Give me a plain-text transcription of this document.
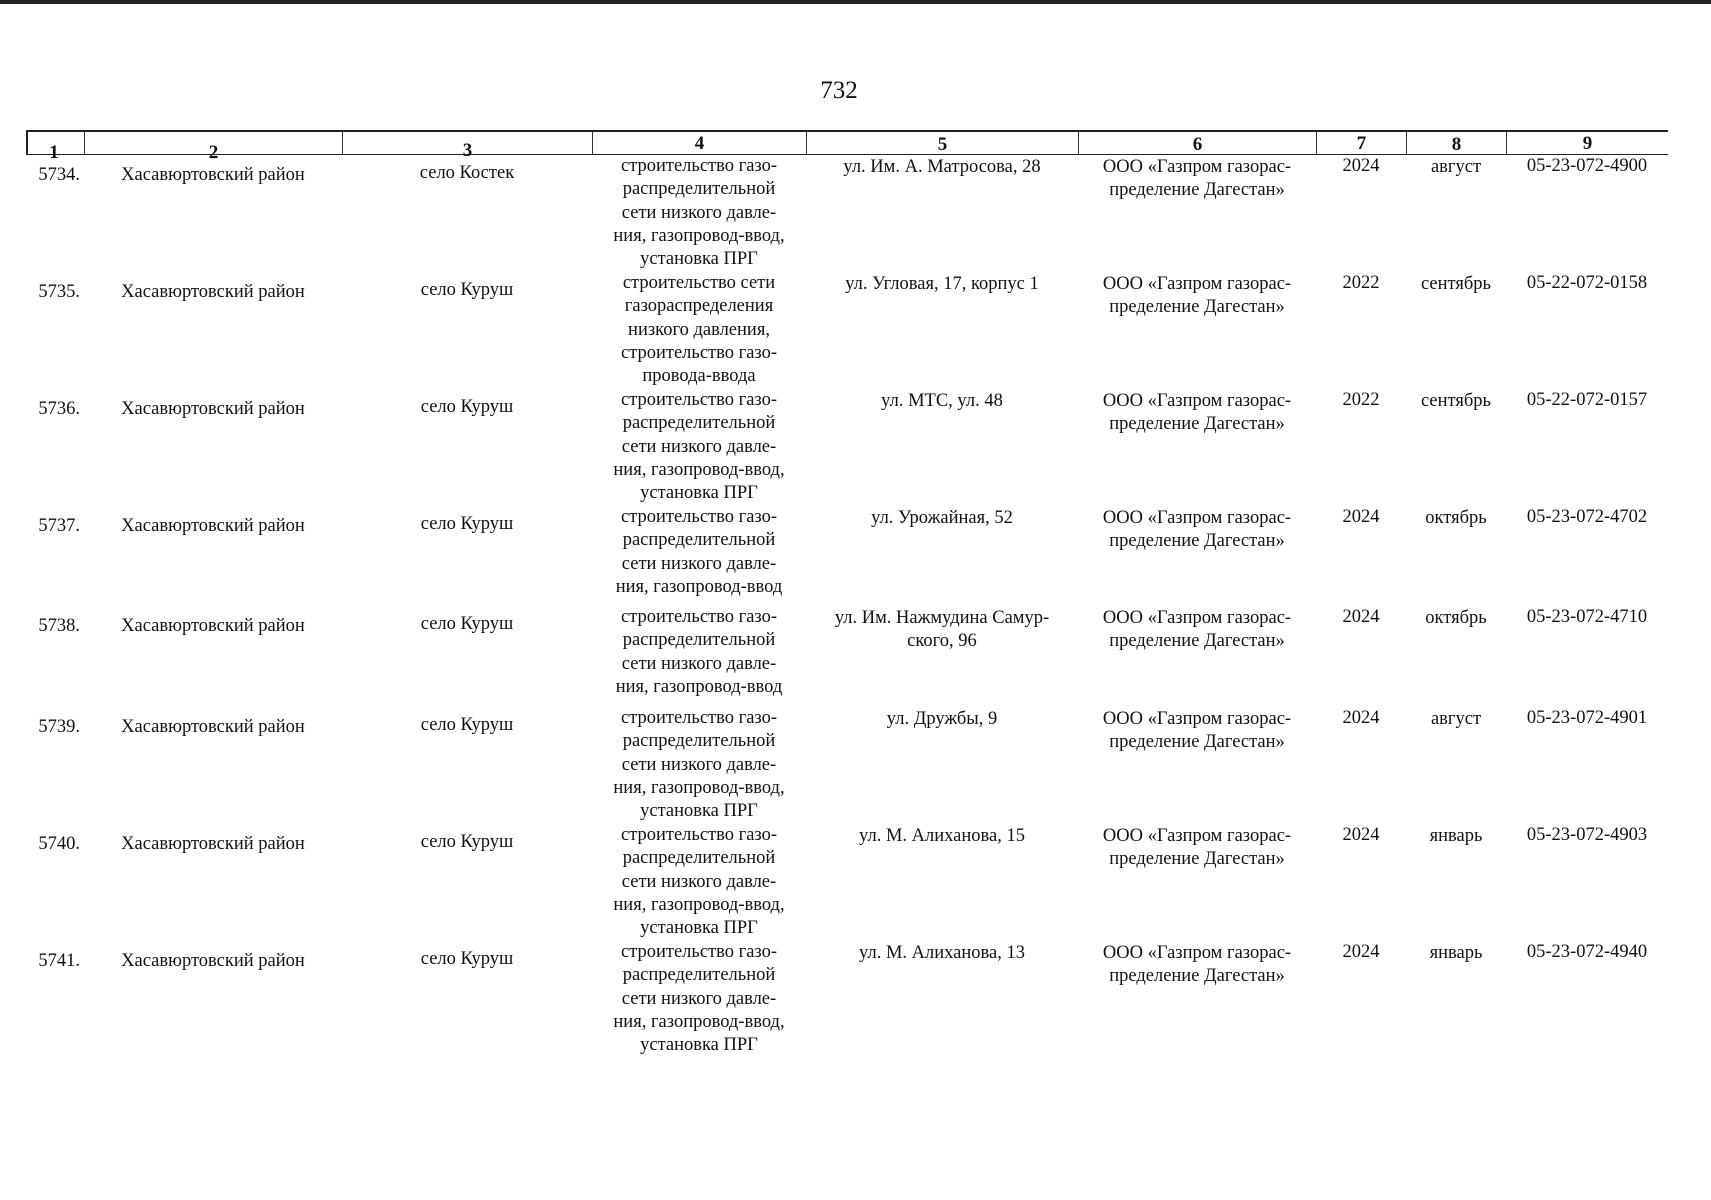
732
1	2	3	4	5	6	7	8	9
5734.	Хасавюртовский район	село Костек	строительство газо-
распределительной
сети низкого давле-
ния, газопровод-ввод,
установка ПРГ
ул. Им. А. Матросова, 28	ООО «Газпром газорас-
пределение Дагестан»
2024	август	05-23-072-4900
5735.	Хасавюртовский район	село Куруш	строительство сети
газораспределения
низкого давления,
строительство газо-
провода-ввода
ул. Угловая, 17, корпус 1	ООО «Газпром газорас-
пределение Дагестан»
2022	сентябрь	05-22-072-0158
5736.	Хасавюртовский район	село Куруш	строительство газо-
распределительной
сети низкого давле-
ния, газопровод-ввод,
установка ПРГ
ул. МТС, ул. 48	ООО «Газпром газорас-
пределение Дагестан»
2022	сентябрь	05-22-072-0157
5737.	Хасавюртовский район	село Куруш	строительство газо-
распределительной
сети низкого давле-
ния, газопровод-ввод
ул. Урожайная, 52	ООО «Газпром газорас-
пределение Дагестан»
2024	октябрь	05-23-072-4702
5738.	Хасавюртовский район	село Куруш	строительство газо-
распределительной
сети низкого давле-
ния, газопровод-ввод
ул. Им. Нажмудина Самур-
ского, 96
ООО «Газпром газорас-
пределение Дагестан»
2024	октябрь	05-23-072-4710
5739.	Хасавюртовский район	село Куруш	строительство газо-
распределительной
сети низкого давле-
ния, газопровод-ввод,
установка ПРГ
ул. Дружбы, 9	ООО «Газпром газорас-
пределение Дагестан»
2024	август	05-23-072-4901
5740.	Хасавюртовский район	село Куруш	строительство газо-
распределительной
сети низкого давле-
ния, газопровод-ввод,
установка ПРГ
ул. М. Алиханова, 15	ООО «Газпром газорас-
пределение Дагестан»
2024	январь	05-23-072-4903
5741.	Хасавюртовский район	село Куруш	строительство газо-
распределительной
сети низкого давле-
ния, газопровод-ввод,
установка ПРГ
ул. М. Алиханова, 13	ООО «Газпром газорас-
пределение Дагестан»
2024	январь	05-23-072-4940
